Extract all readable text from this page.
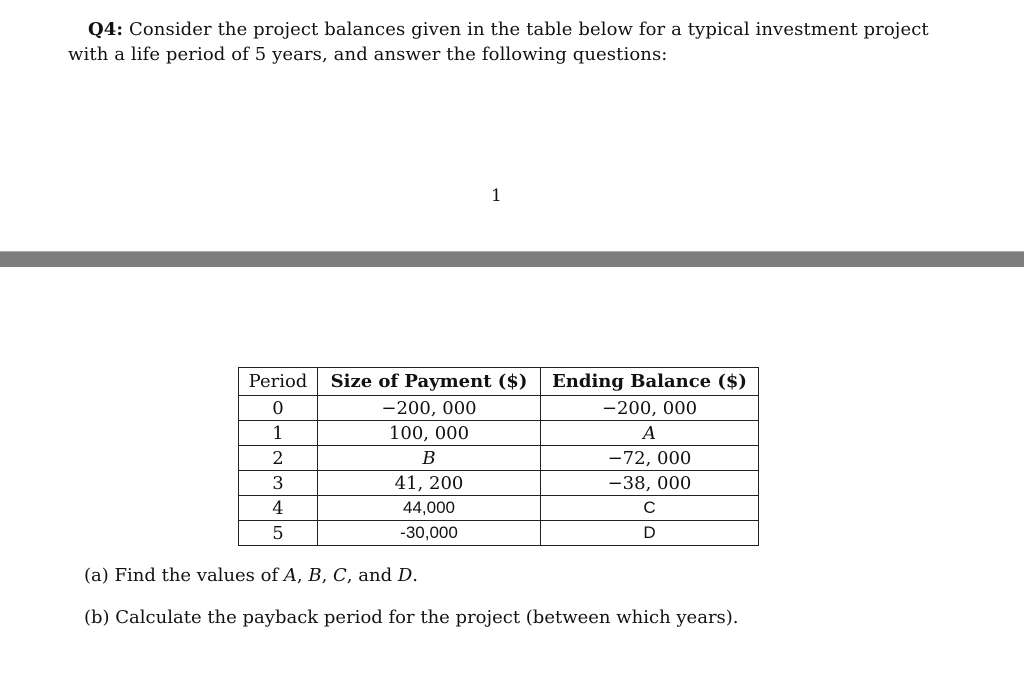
Q4: Consider the project balances given in the table below for a typical investment project
with a life period of 5 years, and answer the following questions:
1
Period	Size of Payment ($)	Ending Balance ($)
0	−200, 000	−200, 000
1	100, 000	A
2	B	−72, 000
3	41, 200	−38, 000
4	44,000	C
5	-30,000	D
(a) Find the values of A, B, C, and D.
(b) Calculate the payback period for the project (between which years).
